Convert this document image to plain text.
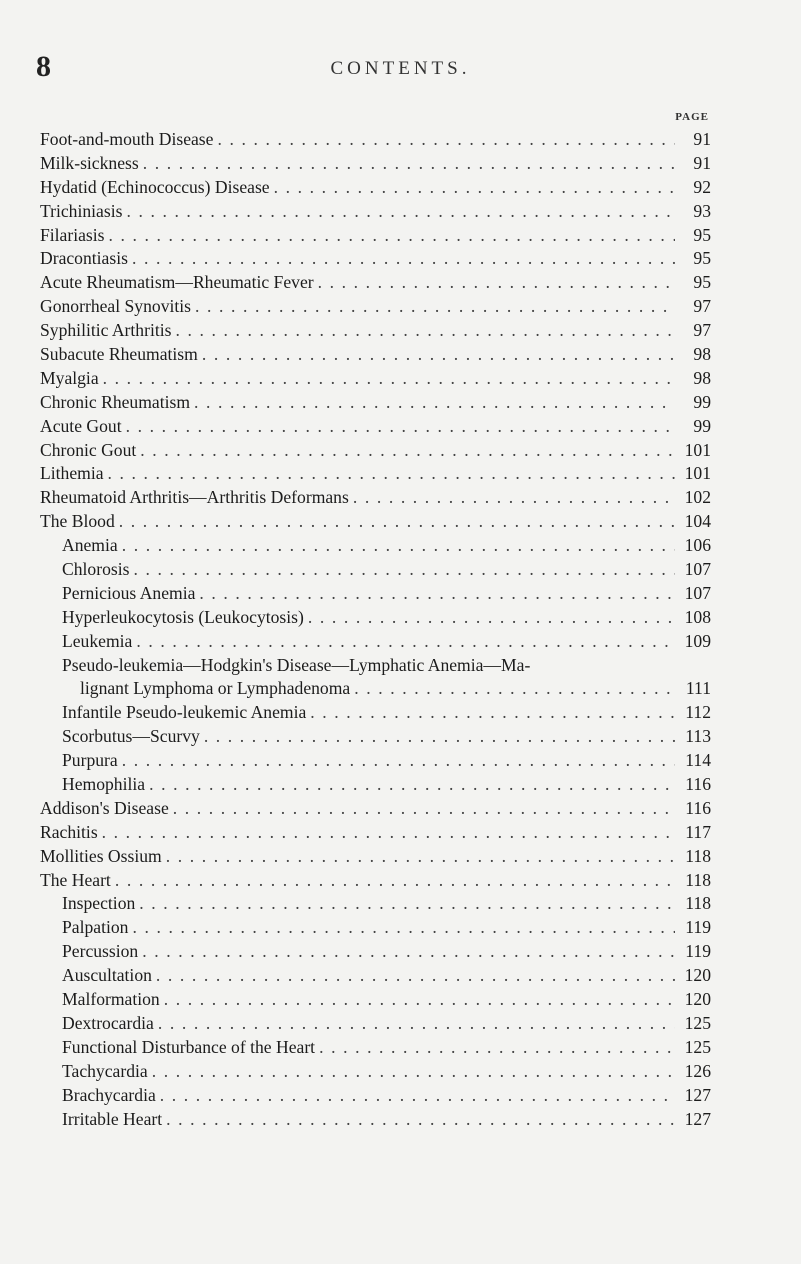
8	CONTENTS.
PAGE
Foot-and-mouth Disease . . .	91
Milk-sickness . . .	91
Hydatid (Echinococcus) Disease . . .	92
Trichiniasis . . .	93
Filariasis . . .	95
Dracontiasis . . .	95
Acute Rheumatism—Rheumatic Fever . . .	95
Gonorrheal Synovitis . . .	97
Syphilitic Arthritis . . .	97
Subacute Rheumatism . . .	98
Myalgia . . .	98
Chronic Rheumatism . . .	99
Acute Gout . . .	99
Chronic Gout . . .	101
Lithemia . . .	101
Rheumatoid Arthritis—Arthritis Deformans . . .	102
The Blood . . .	104
Anemia . . .	106
Chlorosis . . .	107
Pernicious Anemia . . .	107
Hyperleukocytosis (Leukocytosis) . . .	108
Leukemia . . .	109
Pseudo-leukemia—Hodgkin's Disease—Lymphatic Anemia—Ma-
lignant Lymphoma or Lymphadenoma . . .	111
Infantile Pseudo-leukemic Anemia . . .	112
Scorbutus—Scurvy . . .	113
Purpura . . .	114
Hemophilia . . .	116
Addison's Disease . . .	116
Rachitis . . .	117
Mollities Ossium . . .	118
The Heart . . .	118
Inspection . . .	118
Palpation . . .	119
Percussion . . .	119
Auscultation . . .	120
Malformation . . .	120
Dextrocardia . . .	125
Functional Disturbance of the Heart . . .	125
Tachycardia . . .	126
Brachycardia . . .	127
Irritable Heart . . .	127
